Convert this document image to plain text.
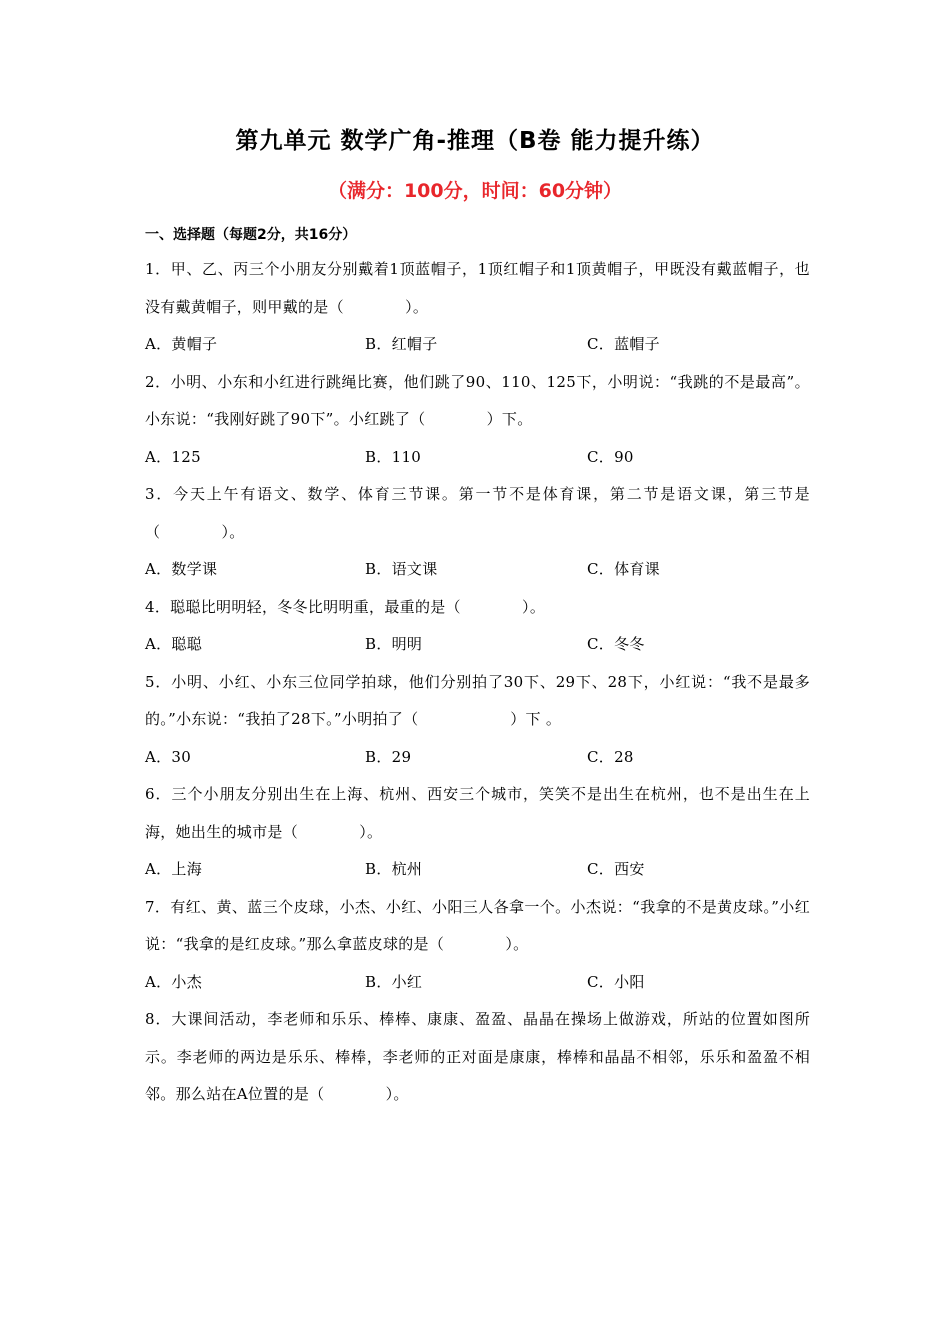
第九单元 数学广角-推理（B卷 能力提升练）
（满分：100分，时间：60分钟）
一、选择题（每题2分，共16分）
1．甲、乙、丙三个小朋友分别戴着1顶蓝帽子，1顶红帽子和1顶黄帽子，甲既没有戴蓝帽子，也没有戴黄帽子，则甲戴的是（　　　　）。
A．黄帽子	B．红帽子	C．蓝帽子
2．小明、小东和小红进行跳绳比赛，他们跳了90、110、125下，小明说：“我跳的不是最高”。小东说：“我刚好跳了90下”。小红跳了（　　　　）下。
A．125	B．110	C．90
3．今天上午有语文、数学、体育三节课。第一节不是体育课，第二节是语文课，第三节是（　　　　）。
A．数学课	B．语文课	C．体育课
4．聪聪比明明轻，冬冬比明明重，最重的是（　　　　）。
A．聪聪	B．明明	C．冬冬
5．小明、小红、小东三位同学拍球，他们分别拍了30下、29下、28下，小红说：“我不是最多的。”小东说：“我拍了28下。”小明拍了（　　　　　　）下 。
A．30	B．29	C．28
6．三个小朋友分别出生在上海、杭州、西安三个城市，笑笑不是出生在杭州，也不是出生在上海，她出生的城市是（　　　　）。
A．上海	B．杭州	C．西安
7．有红、黄、蓝三个皮球，小杰、小红、小阳三人各拿一个。小杰说：“我拿的不是黄皮球。”小红说：“我拿的是红皮球。”那么拿蓝皮球的是（　　　　）。
A．小杰	B．小红	C．小阳
8．大课间活动，李老师和乐乐、棒棒、康康、盈盈、晶晶在操场上做游戏，所站的位置如图所示。李老师的两边是乐乐、棒棒，李老师的正对面是康康，棒棒和晶晶不相邻，乐乐和盈盈不相邻。那么站在A位置的是（　　　　）。
